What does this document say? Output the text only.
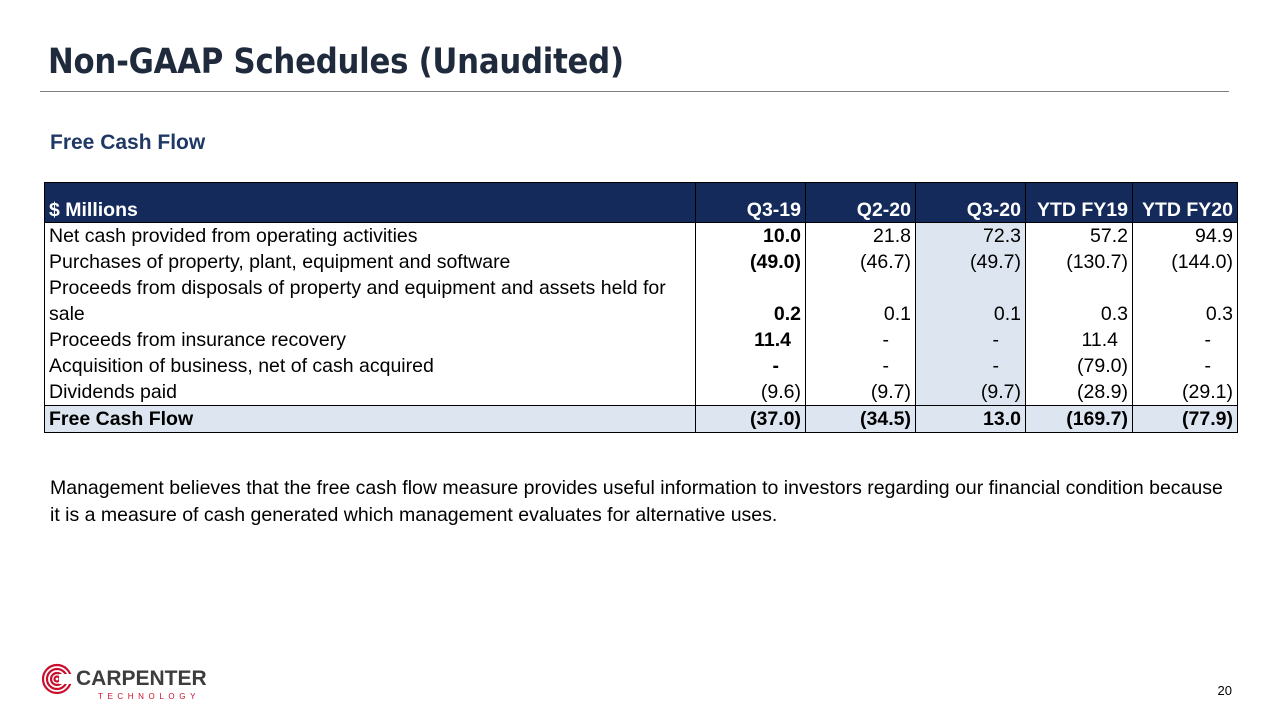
Non-GAAP Schedules (Unaudited)
Free Cash Flow
$ Millions	Q3-19	Q2-20	Q3-20	YTD FY19	YTD FY20
Net cash provided from operating activities	10.0	21.8	72.3	57.2	94.9
Purchases of property, plant, equipment and software	(49.0)	(46.7)	(49.7)	(130.7)	(144.0)
Proceeds from disposals of property and equipment and assets held for sale	0.2	0.1	0.1	0.3	0.3
Proceeds from insurance recovery	11.4	-	-	11.4	-
Acquisition of business, net of cash acquired	-	-	-	(79.0)	-
Dividends paid	(9.6)	(9.7)	(9.7)	(28.9)	(29.1)
Free Cash Flow	(37.0)	(34.5)	13.0	(169.7)	(77.9)
Management believes that the free cash flow measure provides useful information to investors regarding our financial condition because it is a measure of cash generated which management evaluates for alternative uses.
CARPENTER
TECHNOLOGY	20
